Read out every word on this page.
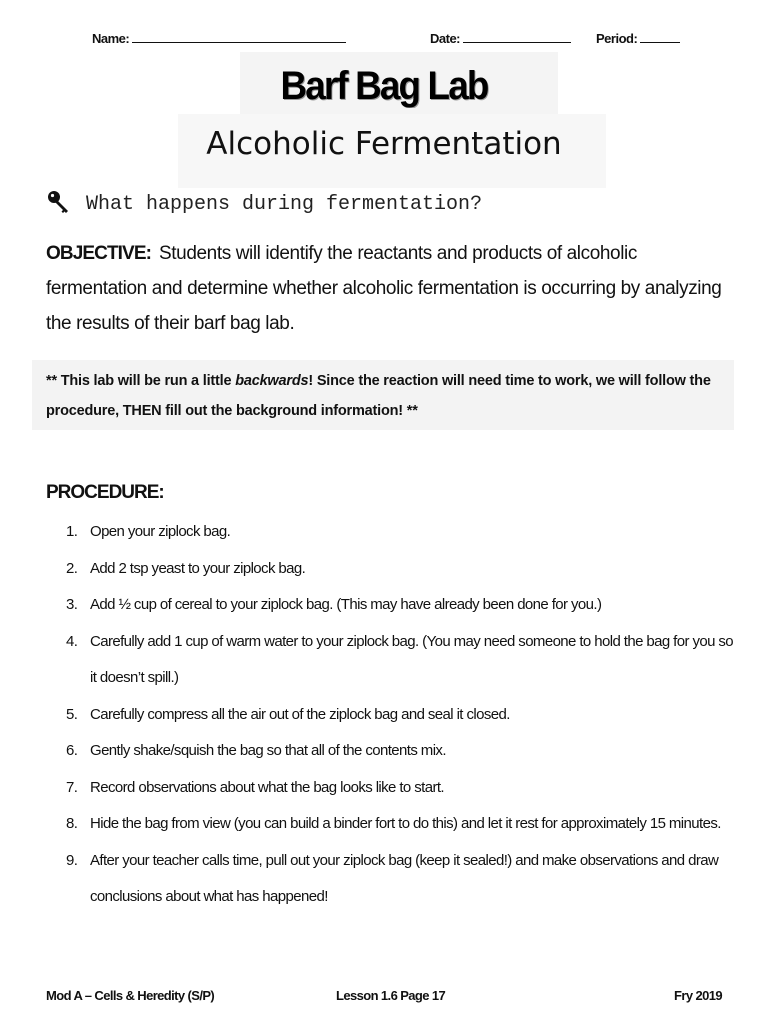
Name:	Date:	Period:
Barf Bag Lab
Alcoholic Fermentation
What happens during fermentation?
OBJECTIVE: Students will identify the reactants and products of alcoholic fermentation and determine whether alcoholic fermentation is occurring by analyzing the results of their barf bag lab.
** This lab will be run a little backwards! Since the reaction will need time to work, we will follow the procedure, THEN fill out the background information! **
PROCEDURE:
1. Open your ziplock bag.
2. Add 2 tsp yeast to your ziplock bag.
3. Add ½ cup of cereal to your ziplock bag. (This may have already been done for you.)
4. Carefully add 1 cup of warm water to your ziplock bag. (You may need someone to hold the bag for you so it doesn’t spill.)
5. Carefully compress all the air out of the ziplock bag and seal it closed.
6. Gently shake/squish the bag so that all of the contents mix.
7. Record observations about what the bag looks like to start.
8. Hide the bag from view (you can build a binder fort to do this) and let it rest for approximately 15 minutes.
9. After your teacher calls time, pull out your ziplock bag (keep it sealed!) and make observations and draw conclusions about what has happened!
Mod A – Cells & Heredity (S/P)	Lesson 1.6 Page 17	Fry 2019
